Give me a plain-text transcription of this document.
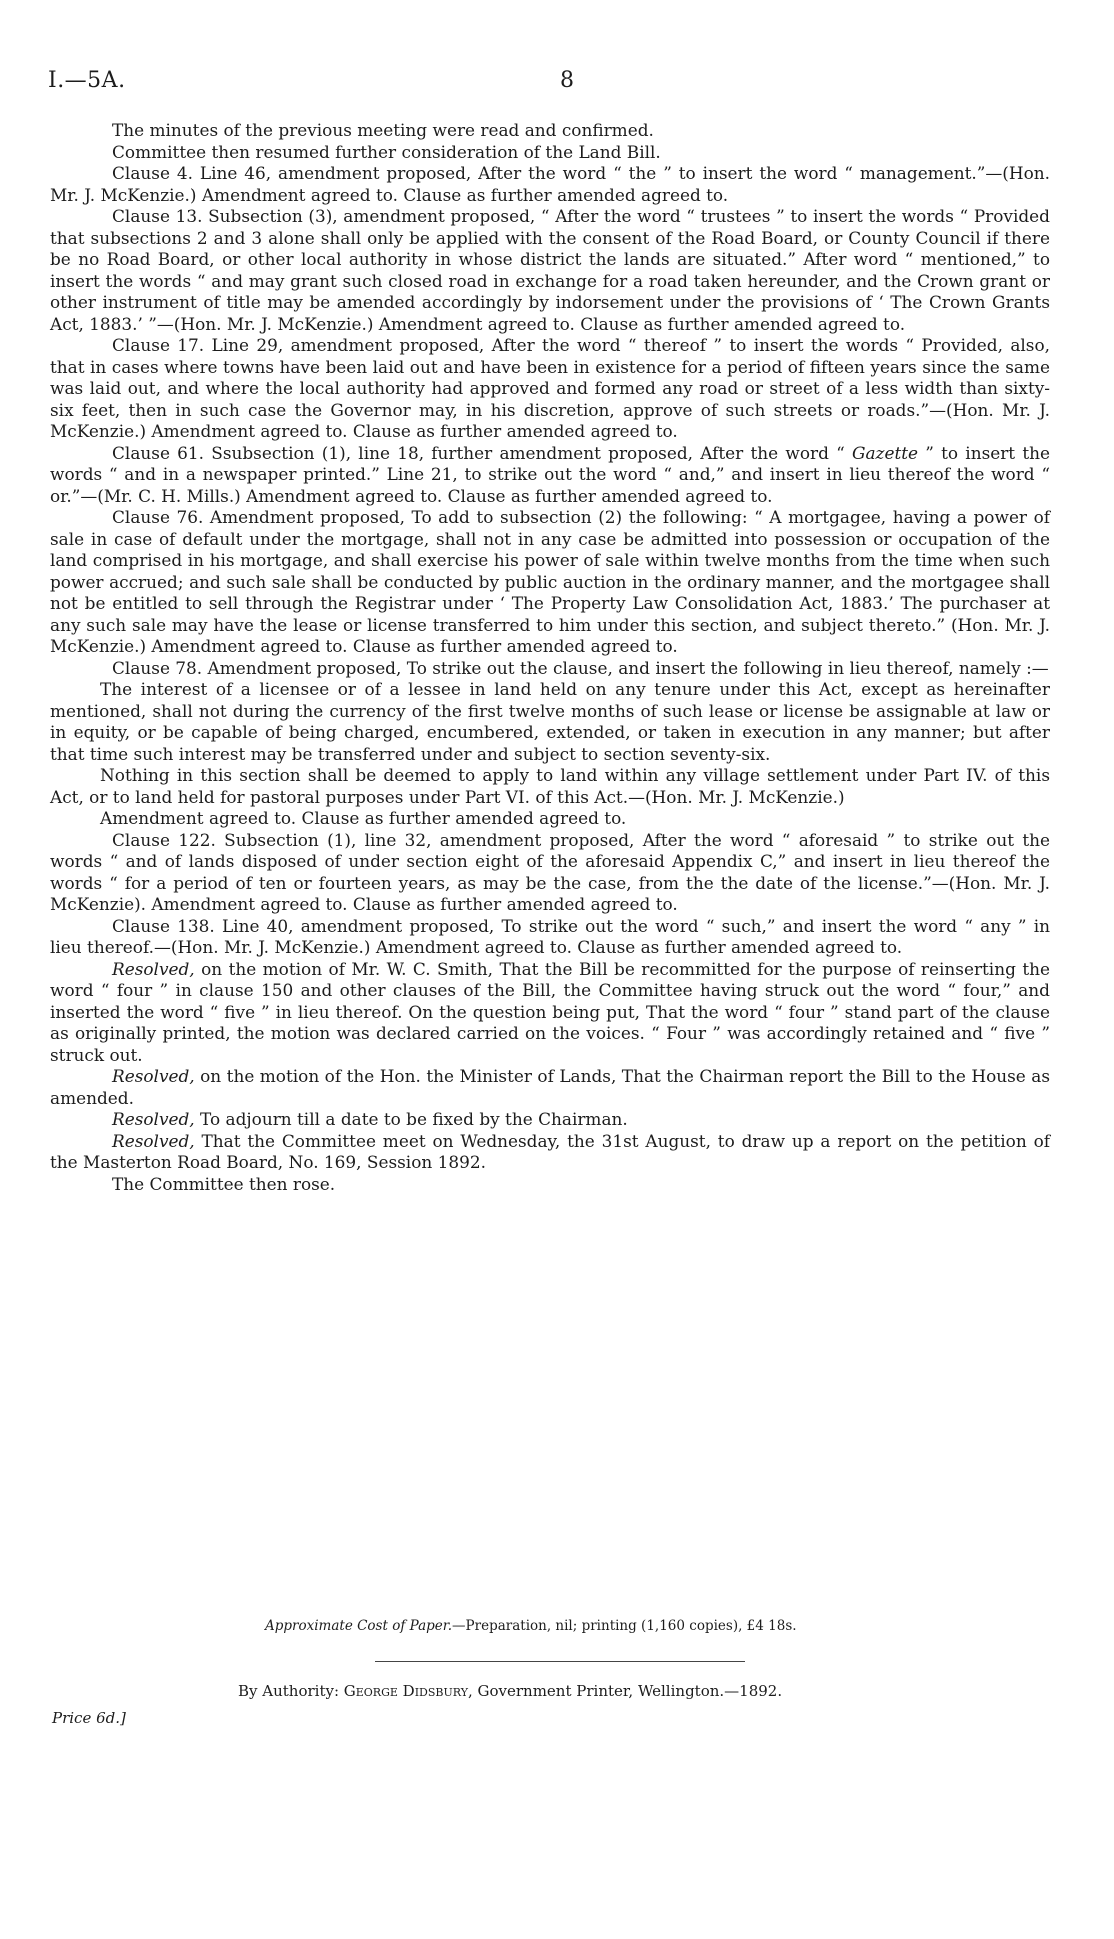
I.—5A.	8

The minutes of the previous meeting were read and confirmed.

Committee then resumed further consideration of the Land Bill.

Clause 4. Line 46, amendment proposed, After the word “ the ” to insert the word “ management.”—(Hon. Mr. J. McKenzie.) Amendment agreed to. Clause as further amended agreed to.

Clause 13. Subsection (3), amendment proposed, “ After the word “ trustees ” to insert the words “ Provided that subsections 2 and 3 alone shall only be applied with the consent of the Road Board, or County Council if there be no Road Board, or other local authority in whose district the lands are situated.” After word “ mentioned,” to insert the words “ and may grant such closed road in exchange for a road taken hereunder, and the Crown grant or other instrument of title may be amended accordingly by indorsement under the provisions of ‘ The Crown Grants Act, 1883.’ ”—(Hon. Mr. J. McKenzie.) Amendment agreed to. Clause as further amended agreed to.

Clause 17. Line 29, amendment proposed, After the word “ thereof ” to insert the words “ Provided, also, that in cases where towns have been laid out and have been in existence for a period of fifteen years since the same was laid out, and where the local authority had approved and formed any road or street of a less width than sixty-six feet, then in such case the Governor may, in his discretion, approve of such streets or roads.”—(Hon. Mr. J. McKenzie.) Amendment agreed to. Clause as further amended agreed to.

Clause 61. Ssubsection (1), line 18, further amendment proposed, After the word “ Gazette ” to insert the words “ and in a newspaper printed.” Line 21, to strike out the word “ and,” and insert in lieu thereof the word “ or.”—(Mr. C. H. Mills.) Amendment agreed to. Clause as further amended agreed to.

Clause 76. Amendment proposed, To add to subsection (2) the following: “ A mortgagee, having a power of sale in case of default under the mortgage, shall not in any case be admitted into possession or occupation of the land comprised in his mortgage, and shall exercise his power of sale within twelve months from the time when such power accrued; and such sale shall be conducted by public auction in the ordinary manner, and the mortgagee shall not be entitled to sell through the Registrar under ‘ The Property Law Consolidation Act, 1883.’ The purchaser at any such sale may have the lease or license transferred to him under this section, and subject thereto.” (Hon. Mr. J. McKenzie.) Amendment agreed to. Clause as further amended agreed to.

Clause 78. Amendment proposed, To strike out the clause, and insert the following in lieu thereof, namely :—

The interest of a licensee or of a lessee in land held on any tenure under this Act, except as hereinafter mentioned, shall not during the currency of the first twelve months of such lease or license be assignable at law or in equity, or be capable of being charged, encumbered, extended, or taken in execution in any manner; but after that time such interest may be transferred under and subject to section seventy-six.

Nothing in this section shall be deemed to apply to land within any village settlement under Part IV. of this Act, or to land held for pastoral purposes under Part VI. of this Act.—(Hon. Mr. J. McKenzie.)

Amendment agreed to. Clause as further amended agreed to.

Clause 122. Subsection (1), line 32, amendment proposed, After the word “ aforesaid ” to strike out the words “ and of lands disposed of under section eight of the aforesaid Appendix C,” and insert in lieu thereof the words “ for a period of ten or fourteen years, as may be the case, from the the date of the license.”—(Hon. Mr. J. McKenzie). Amendment agreed to. Clause as further amended agreed to.

Clause 138. Line 40, amendment proposed, To strike out the word “ such,” and insert the word “ any ” in lieu thereof.—(Hon. Mr. J. McKenzie.) Amendment agreed to. Clause as further amended agreed to.

Resolved, on the motion of Mr. W. C. Smith, That the Bill be recommitted for the purpose of reinserting the word “ four ” in clause 150 and other clauses of the Bill, the Committee having struck out the word “ four,” and inserted the word “ five ” in lieu thereof. On the question being put, That the word “ four ” stand part of the clause as originally printed, the motion was declared carried on the voices. “ Four ” was accordingly retained and “ five ” struck out.

Resolved, on the motion of the Hon. the Minister of Lands, That the Chairman report the Bill to the House as amended.

Resolved, To adjourn till a date to be fixed by the Chairman.

Resolved, That the Committee meet on Wednesday, the 31st August, to draw up a report on the petition of the Masterton Road Board, No. 169, Session 1892.

The Committee then rose.

Approximate Cost of Paper.—Preparation, nil; printing (1,160 copies), £4 18s.
By Authority: George Didsbury, Government Printer, Wellington.—1892.
Price 6d.]
